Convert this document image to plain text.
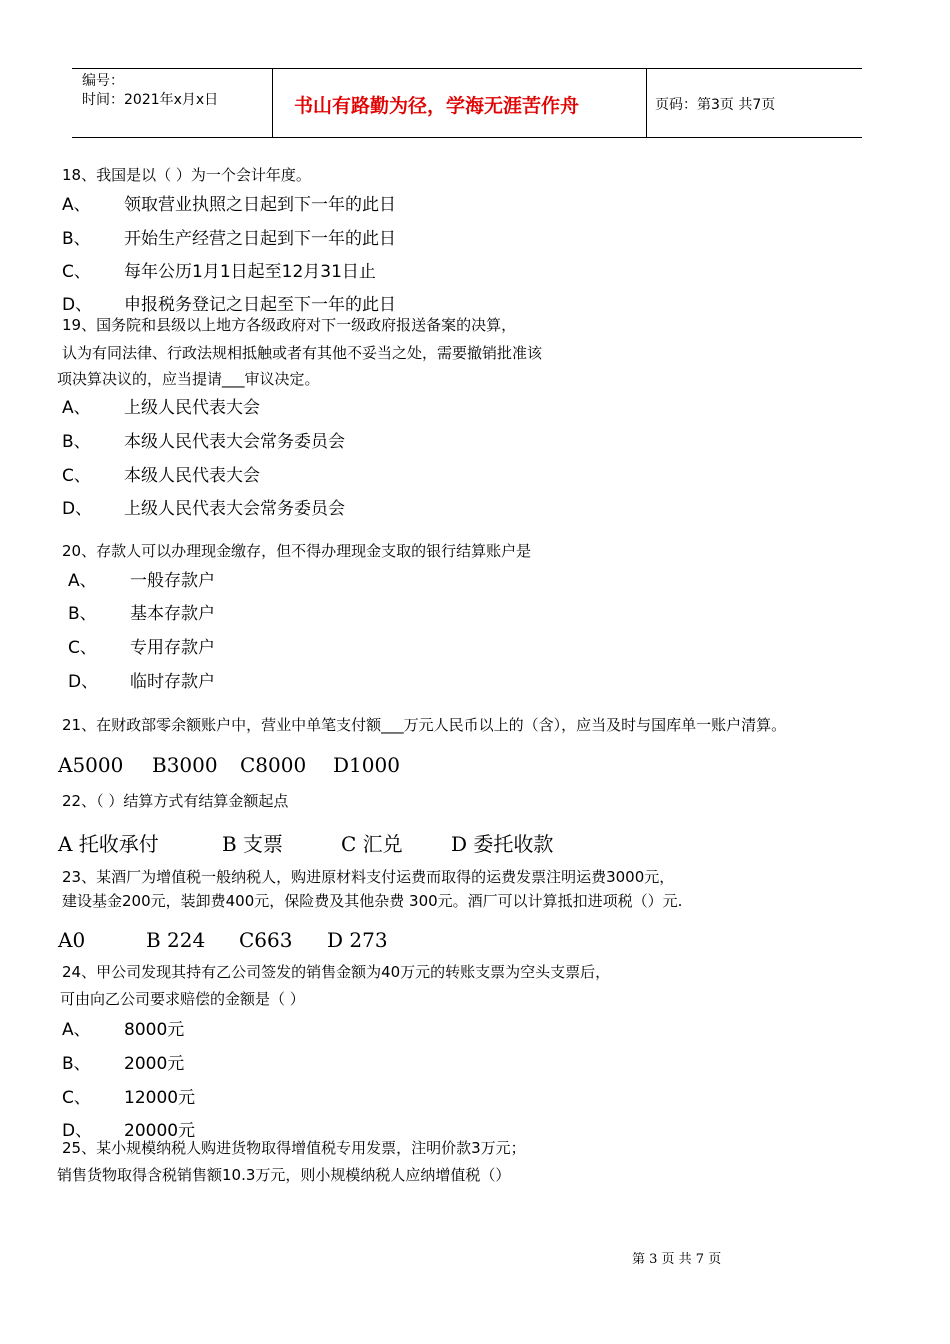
编号：
时间：2021年x月x日	书山有路勤为径，学海无涯苦作舟	页码：第3页 共7页
18、我国是以（ ）为一个会计年度。
A、 领取营业执照之日起到下一年的此日
B、 开始生产经营之日起到下一年的此日
C、 每年公历1月1日起至12月31日止
D、 申报税务登记之日起至下一年的此日
19、国务院和县级以上地方各级政府对下一级政府报送备案的决算，
认为有同法律、行政法规相抵触或者有其他不妥当之处，需要撤销批准该
项决算决议的，应当提请___审议决定。
A、 上级人民代表大会
B、 本级人民代表大会常务委员会
C、 本级人民代表大会
D、 上级人民代表大会常务委员会
20、存款人可以办理现金缴存，但不得办理现金支取的银行结算账户是
A、 一般存款户
B、 基本存款户
C、 专用存款户
D、 临时存款户
21、在财政部零余额账户中，营业中单笔支付额___万元人民币以上的（含），应当及时与国库单一账户清算。
A5000 B3000 C8000 D1000
22、（ ）结算方式有结算金额起点
A 托收承付	B 支票	C 汇兑 D 委托收款
23、某酒厂为增值税一般纳税人，购进原材料支付运费而取得的运费发票注明运费3000元，
建设基金200元，装卸费400元，保险费及其他杂费 300元。酒厂可以计算抵扣进项税（）元.
A0	B 224 C663 D 273
24、甲公司发现其持有乙公司签发的销售金额为40万元的转账支票为空头支票后，
可由向乙公司要求赔偿的金额是（ ）
A、 8000元
B、 2000元
C、 12000元
D、 20000元
25、某小规模纳税人购进货物取得增值税专用发票，注明价款3万元；
销售货物取得含税销售额10.3万元，则小规模纳税人应纳增值税（）
第 3 页 共 7 页
